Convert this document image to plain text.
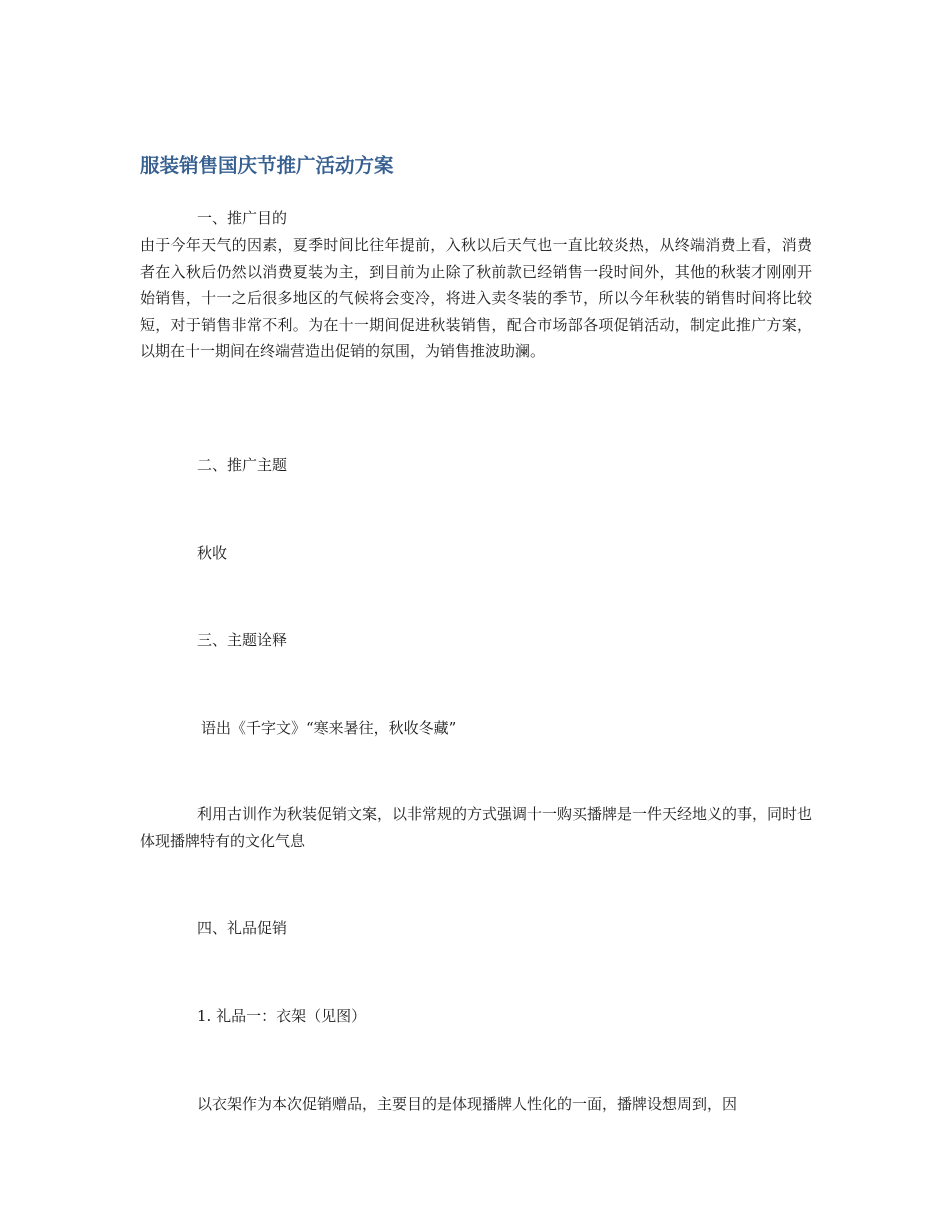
服装销售国庆节推广活动方案
一、推广目的
由于今年天气的因素，夏季时间比往年提前，入秋以后天气也一直比较炎热，从终端消费上看，消费者在入秋后仍然以消费夏装为主，到目前为止除了秋前款已经销售一段时间外，其他的秋装才刚刚开始销售，十一之后很多地区的气候将会变冷，将进入卖冬装的季节，所以今年秋装的销售时间将比较短，对于销售非常不利。为在十一期间促进秋装销售，配合市场部各项促销活动，制定此推广方案，以期在十一期间在终端营造出促销的氛围，为销售推波助澜。
二、推广主题
秋收
三、主题诠释
语出《千字文》“寒来暑往，秋收冬藏”
利用古训作为秋装促销文案，以非常规的方式强调十一购买播牌是一件天经地义的事，同时也体现播牌特有的文化气息
四、礼品促销
1. 礼品一：衣架（见图）
以衣架作为本次促销赠品，主要目的是体现播牌人性化的一面，播牌设想周到，因
